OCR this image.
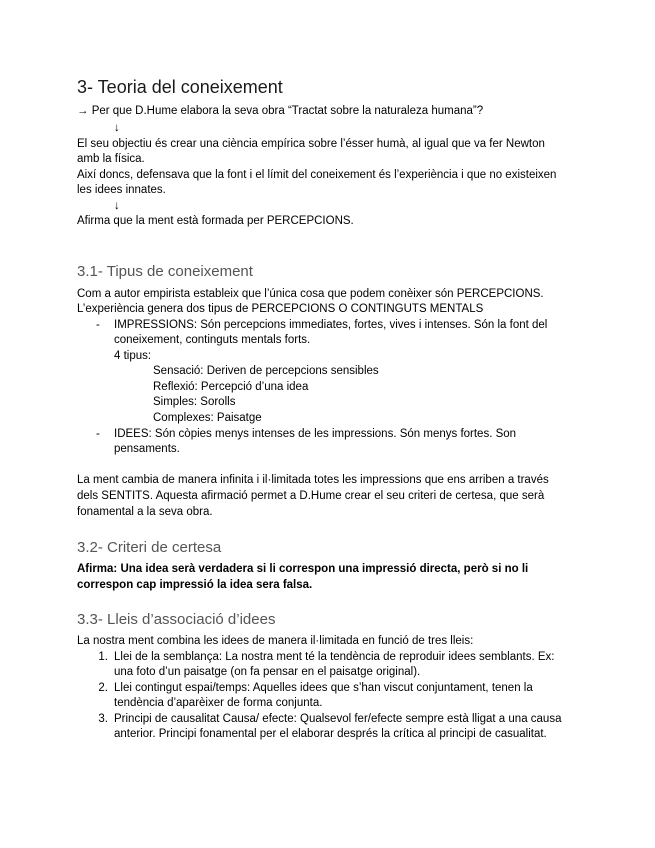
3- Teoria del coneixement
→ Per que D.Hume elabora la seva obra “Tractat sobre la naturaleza humana”?
↓
El seu objectiu és crear una ciència empírica sobre l’ésser humà, al igual que va fer Newton
amb la física.
Així doncs, defensava que la font i el límit del coneixement és l’experiència i que no existeixen
les idees innates.
↓
Afirma que la ment està formada per PERCEPCIONS.
3.1- Tipus de coneixement
Com a autor empirista estableix que l’única cosa que podem conèixer són PERCEPCIONS.
L’experiència genera dos tipus de PERCEPCIONS O CONTINGUTS MENTALS
- IMPRESSIONS: Són percepcions immediates, fortes, vives i intenses. Són la font del
coneixement, continguts mentals forts.
4 tipus:
Sensació: Deriven de percepcions sensibles
Reflexió: Percepció d’una idea
Simples: Sorolls
Complexes: Paisatge
- IDEES: Són còpies menys intenses de les impressions. Són menys fortes. Son
pensaments.
La ment cambia de manera infinita i il·limitada totes les impressions que ens arriben a través
dels SENTITS. Aquesta afirmació permet a D.Hume crear el seu criteri de certesa, que serà
fonamental a la seva obra.
3.2- Criteri de certesa
Afirma: Una idea serà verdadera si li correspon una impressió directa, però si no li
correspon cap impressió la idea sera falsa.
3.3- Lleis d’associació d’idees
La nostra ment combina les idees de manera il·limitada en funció de tres lleis:
1. Llei de la semblança: La nostra ment té la tendència de reproduir idees semblants. Ex:
una foto d’un paisatge (on fa pensar en el paisatge original).
2. Llei contingut espai/temps: Aquelles idees que s’han viscut conjuntament, tenen la
tendència d’aparèixer de forma conjunta.
3. Principi de causalitat Causa/ efecte: Qualsevol fer/efecte sempre està lligat a una causa
anterior. Principi fonamental per el elaborar després la crítica al principi de casualitat.
